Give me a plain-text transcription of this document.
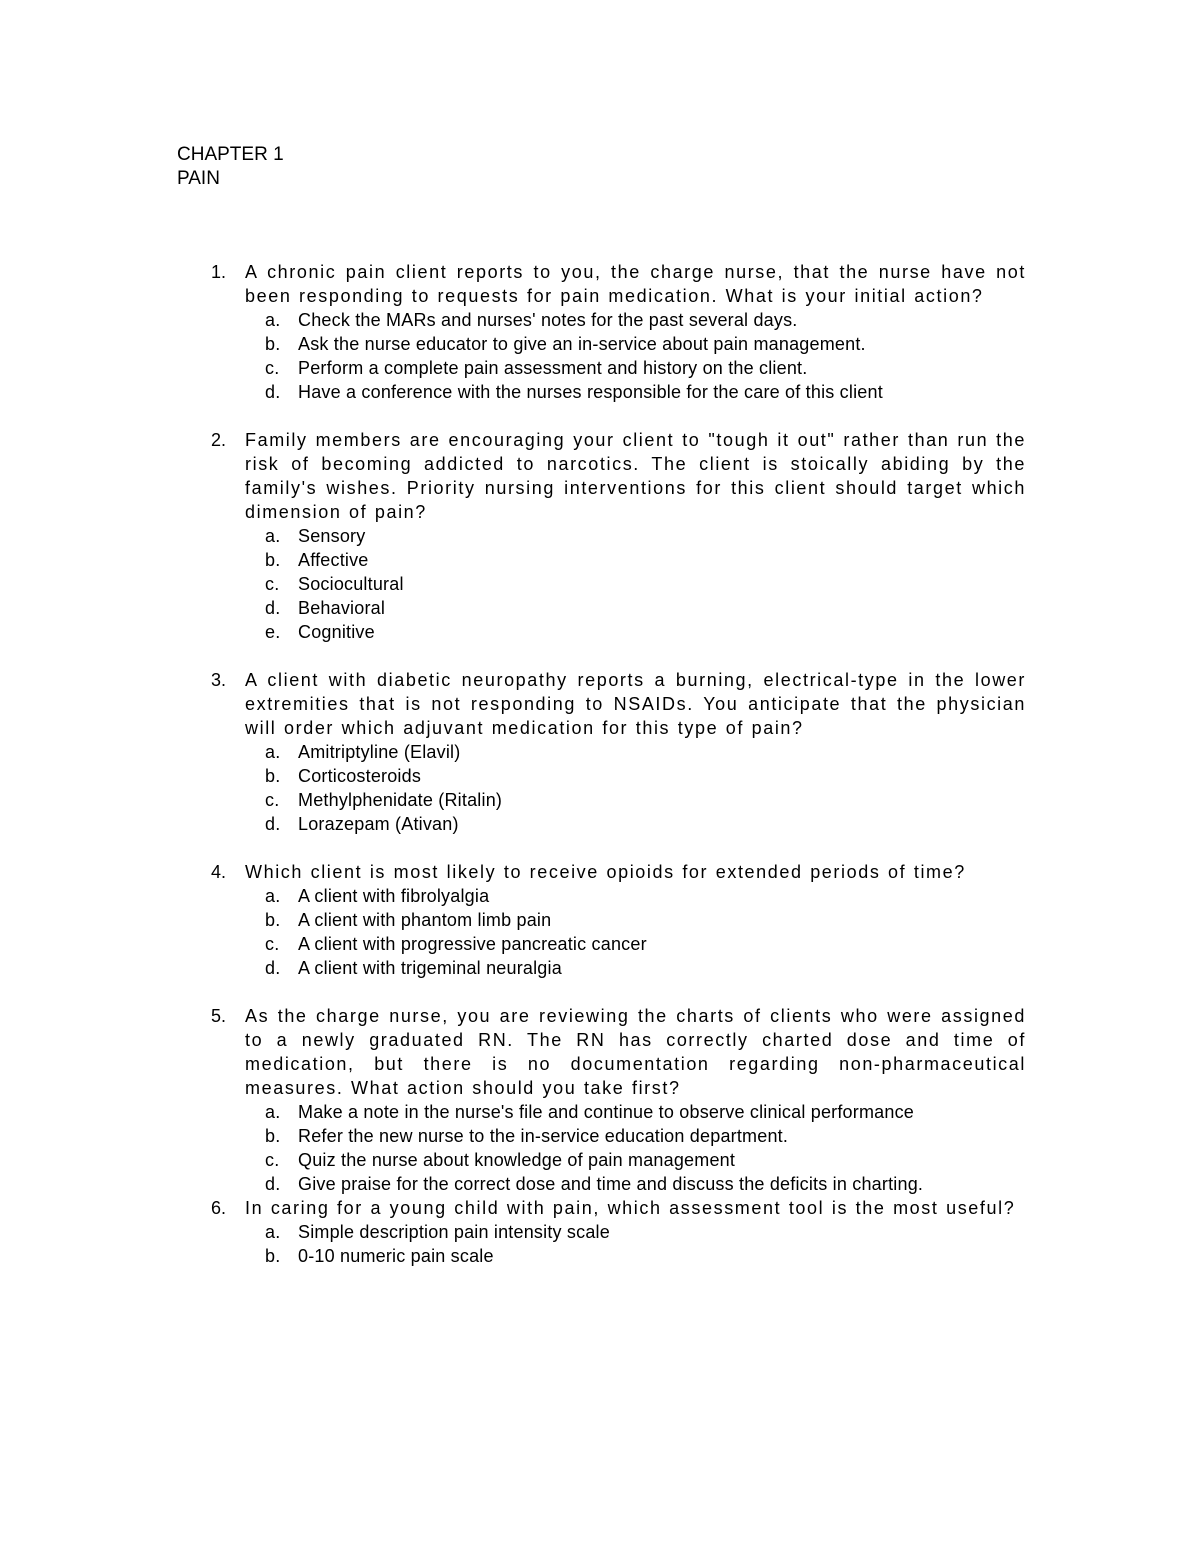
CHAPTER 1
PAIN
1. A chronic pain client reports to you, the charge nurse, that the nurse have not been responding to requests for pain medication. What is your initial action?
a. Check the MARs and nurses' notes for the past several days.
b. Ask the nurse educator to give an in-service about pain management.
c. Perform a complete pain assessment and history on the client.
d. Have a conference with the nurses responsible for the care of this client
2. Family members are encouraging your client to "tough it out" rather than run the risk of becoming addicted to narcotics. The client is stoically abiding by the family's wishes. Priority nursing interventions for this client should target which dimension of pain?
a. Sensory
b. Affective
c. Sociocultural
d. Behavioral
e. Cognitive
3. A client with diabetic neuropathy reports a burning, electrical-type in the lower extremities that is not responding to NSAIDs. You anticipate that the physician will order which adjuvant medication for this type of pain?
a. Amitriptyline (Elavil)
b. Corticosteroids
c. Methylphenidate (Ritalin)
d. Lorazepam (Ativan)
4. Which client is most likely to receive opioids for extended periods of time?
a. A client with fibrolyalgia
b. A client with phantom limb pain
c. A client with progressive pancreatic cancer
d. A client with trigeminal neuralgia
5. As the charge nurse, you are reviewing the charts of clients who were assigned to a newly graduated RN. The RN has correctly charted dose and time of medication, but there is no documentation regarding non-pharmaceutical measures. What action should you take first?
a. Make a note in the nurse's file and continue to observe clinical performance
b. Refer the new nurse to the in-service education department.
c. Quiz the nurse about knowledge of pain management
d. Give praise for the correct dose and time and discuss the deficits in charting.
6. In caring for a young child with pain, which assessment tool is the most useful?
a. Simple description pain intensity scale
b. 0-10 numeric pain scale
